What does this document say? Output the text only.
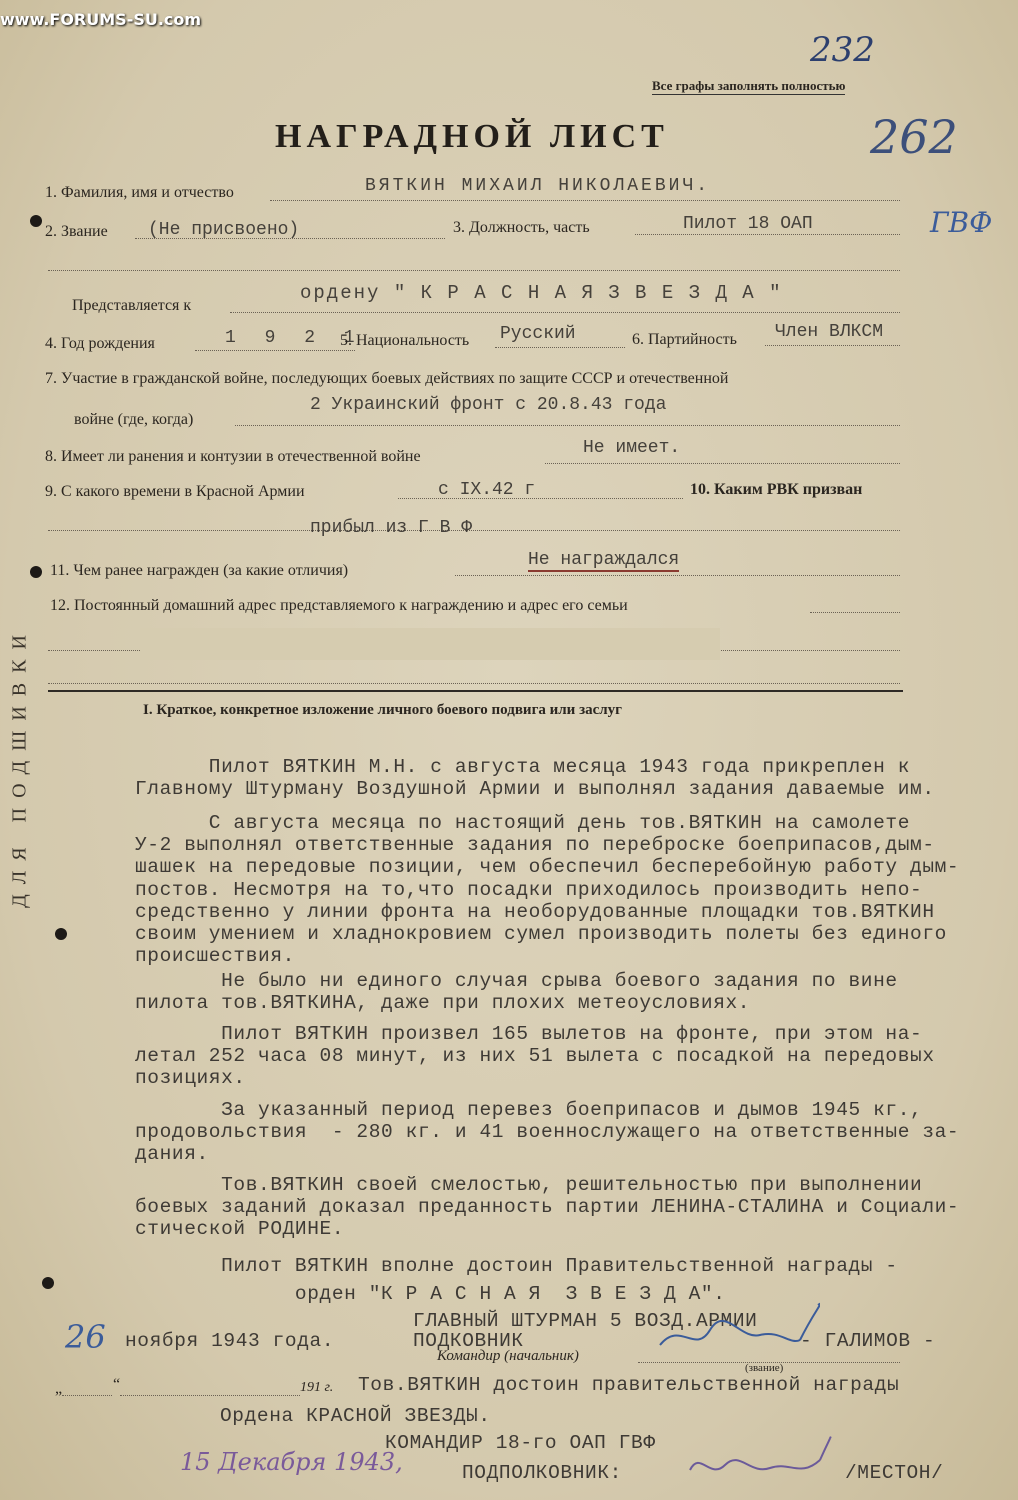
www.FORUMS-SU.com
232
Все графы заполнять полностью
262
НАГРАДНОЙ ЛИСТ
1. Фамилия, имя и отчество	ВЯТКИН МИХАИЛ НИКОЛАЕВИЧ.
2. Звание (Не присвоено)	3. Должность, часть	Пилот 18 ОАП	ГВФ
Представляется к
ордену " К Р А С Н А Я З В Е З Д А "
4. Год рождения	1 9 2 1
5. Национальность Русский	6. Партийность Член ВЛКСМ
7. Участие в гражданской войне, последующих боевых действиях по защите СССР и отечественной
войне (где, когда)
2 Украинский фронт с 20.8.43 года
8. Имеет ли ранения и контузии в отечественной войне	Не имеет.
9. С какого времени в Красной Армии	с IX.42 г	10. Каким РВК призван
прибыл из Г В Ф
11. Чем ранее награжден (за какие отличия)
Не награждался
12. Постоянный домашний адрес представляемого к награждению и адрес его семьи
I. Краткое, конкретное изложение личного боевого подвига или заслуг
ДЛЯ ПОДШИВКИ	Пилот ВЯТКИН М.Н. с августа месяца 1943 года прикреплен к
Главному Штурману Воздушной Армии и выполнял задания даваемые им.
С августа месяца по настоящий день тов.ВЯТКИН на самолете
У-2 выполнял ответственные задания по переброске боеприпасов,дым-
шашек на передовые позиции, чем обеспечил бесперебойную работу дым-
постов. Несмотря на то,что посадки приходилось производить непо-
средственно у линии фронта на необорудованные площадки тов.ВЯТКИН
своим умением и хладнокровием сумел производить полеты без единого
происшествия.
Не было ни единого случая срыва боевого задания по вине
пилота тов.ВЯТКИНА, даже при плохих метеоусловиях.
Пилот ВЯТКИН произвел 165 вылетов на фронте, при этом на-
летал 252 часа 08 минут, из них 51 вылета с посадкой на передовых
позициях.
За указанный период перевез боеприпасов и дымов 1945 кг.,
продовольствия  - 280 кг. и 41 военнослужащего на ответственные за-
дания.
Тов.ВЯТКИН своей смелостью, решительностью при выполнении
боевых заданий доказал преданность партии ЛЕНИНА-СТАЛИНА и Социали-
стической РОДИНЕ.
Пилот ВЯТКИН вполне достоин Правительственной награды -
орден "К Р А С Н А Я  З В Е З Д А".
26 ноября 1943 года.
ГЛАВНЫЙ ШТУРМАН 5 ВОЗД.АРМИИ
ПОДКОВНИК
Командир (начальник)
- ГАЛИМОВ -
(звание)
„	“	191 г. Тов.ВЯТКИН достоин правительственной награды
Ордена КРАСНОЙ ЗВЕЗДЫ.
КОМАНДИР 18-го ОАП ГВФ
15 Декабря 1943,	ПОДПОЛКОВНИК:	/МЕСТОН/
